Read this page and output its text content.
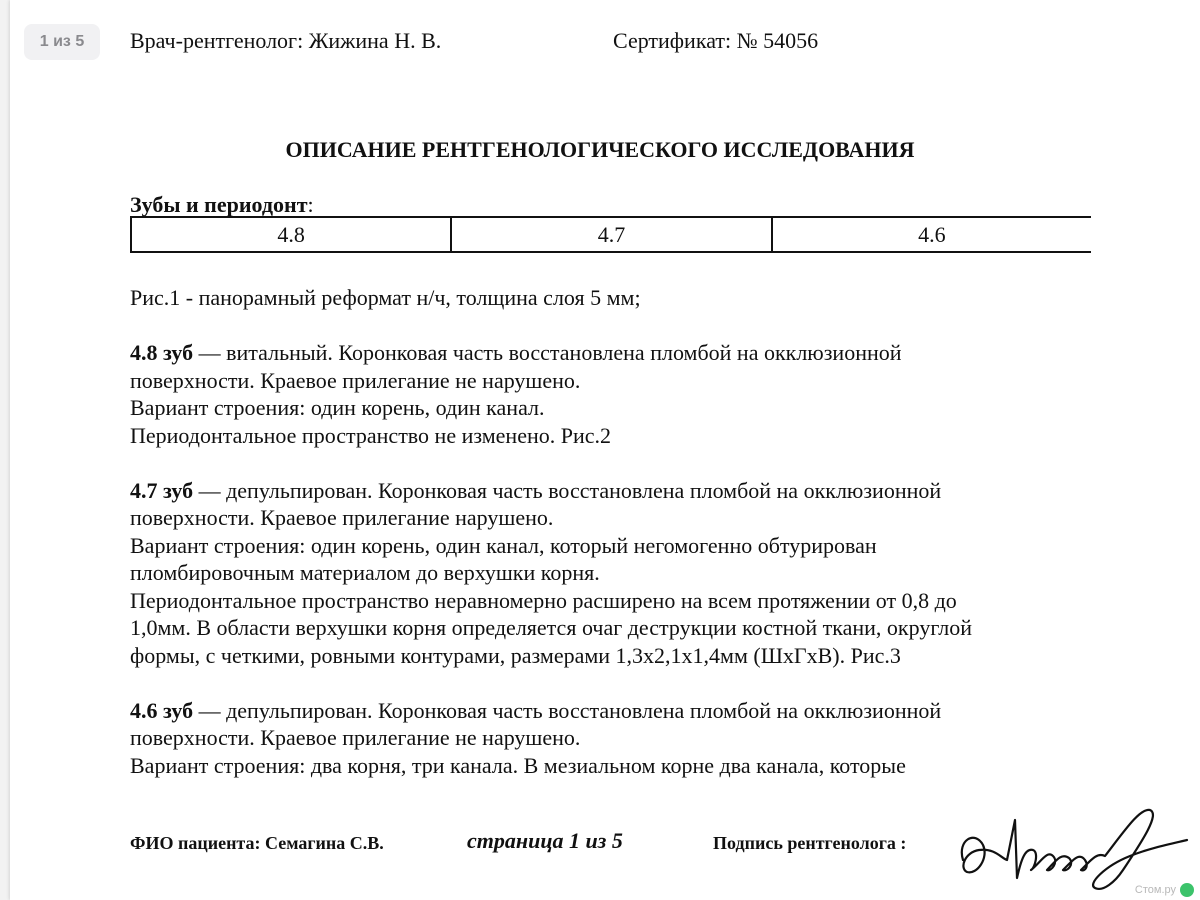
Врач-рентгенолог: Жижина Н. В.	Сертификат: № 54056
ОПИСАНИЕ РЕНТГЕНОЛОГИЧЕСКОГО ИССЛЕДОВАНИЯ
Зубы и периодонт:
4.8	4.7	4.6

Рис.1 - панорамный реформат н/ч, толщина слоя 5 мм;

4.8 зуб — витальный. Коронковая часть восстановлена пломбой на окклюзионной

поверхности. Краевое прилегание не нарушено.

Вариант строения: один корень, один канал.

Периодонтальное пространство не изменено. Рис.2

4.7 зуб — депульпирован. Коронковая часть восстановлена пломбой на окклюзионной

поверхности. Краевое прилегание нарушено.

Вариант строения: один корень, один канал, который негомогенно обтурирован

пломбировочным материалом до верхушки корня.

Периодонтальное пространство неравномерно расширено на всем протяжении от 0,8 до

1,0мм. В области верхушки корня определяется очаг деструкции костной ткани, округлой

формы, с четкими, ровными контурами, размерами 1,3х2,1х1,4мм (ШхГхВ). Рис.3

4.6 зуб — депульпирован. Коронковая часть восстановлена пломбой на окклюзионной

поверхности. Краевое прилегание не нарушено.

Вариант строения: два корня, три канала. В мезиальном корне два канала, которые

ФИО пациента: Семагина С.В.	страница 1 из 5	Подпись рентгенолога :
Стом.ру
1 из 5
